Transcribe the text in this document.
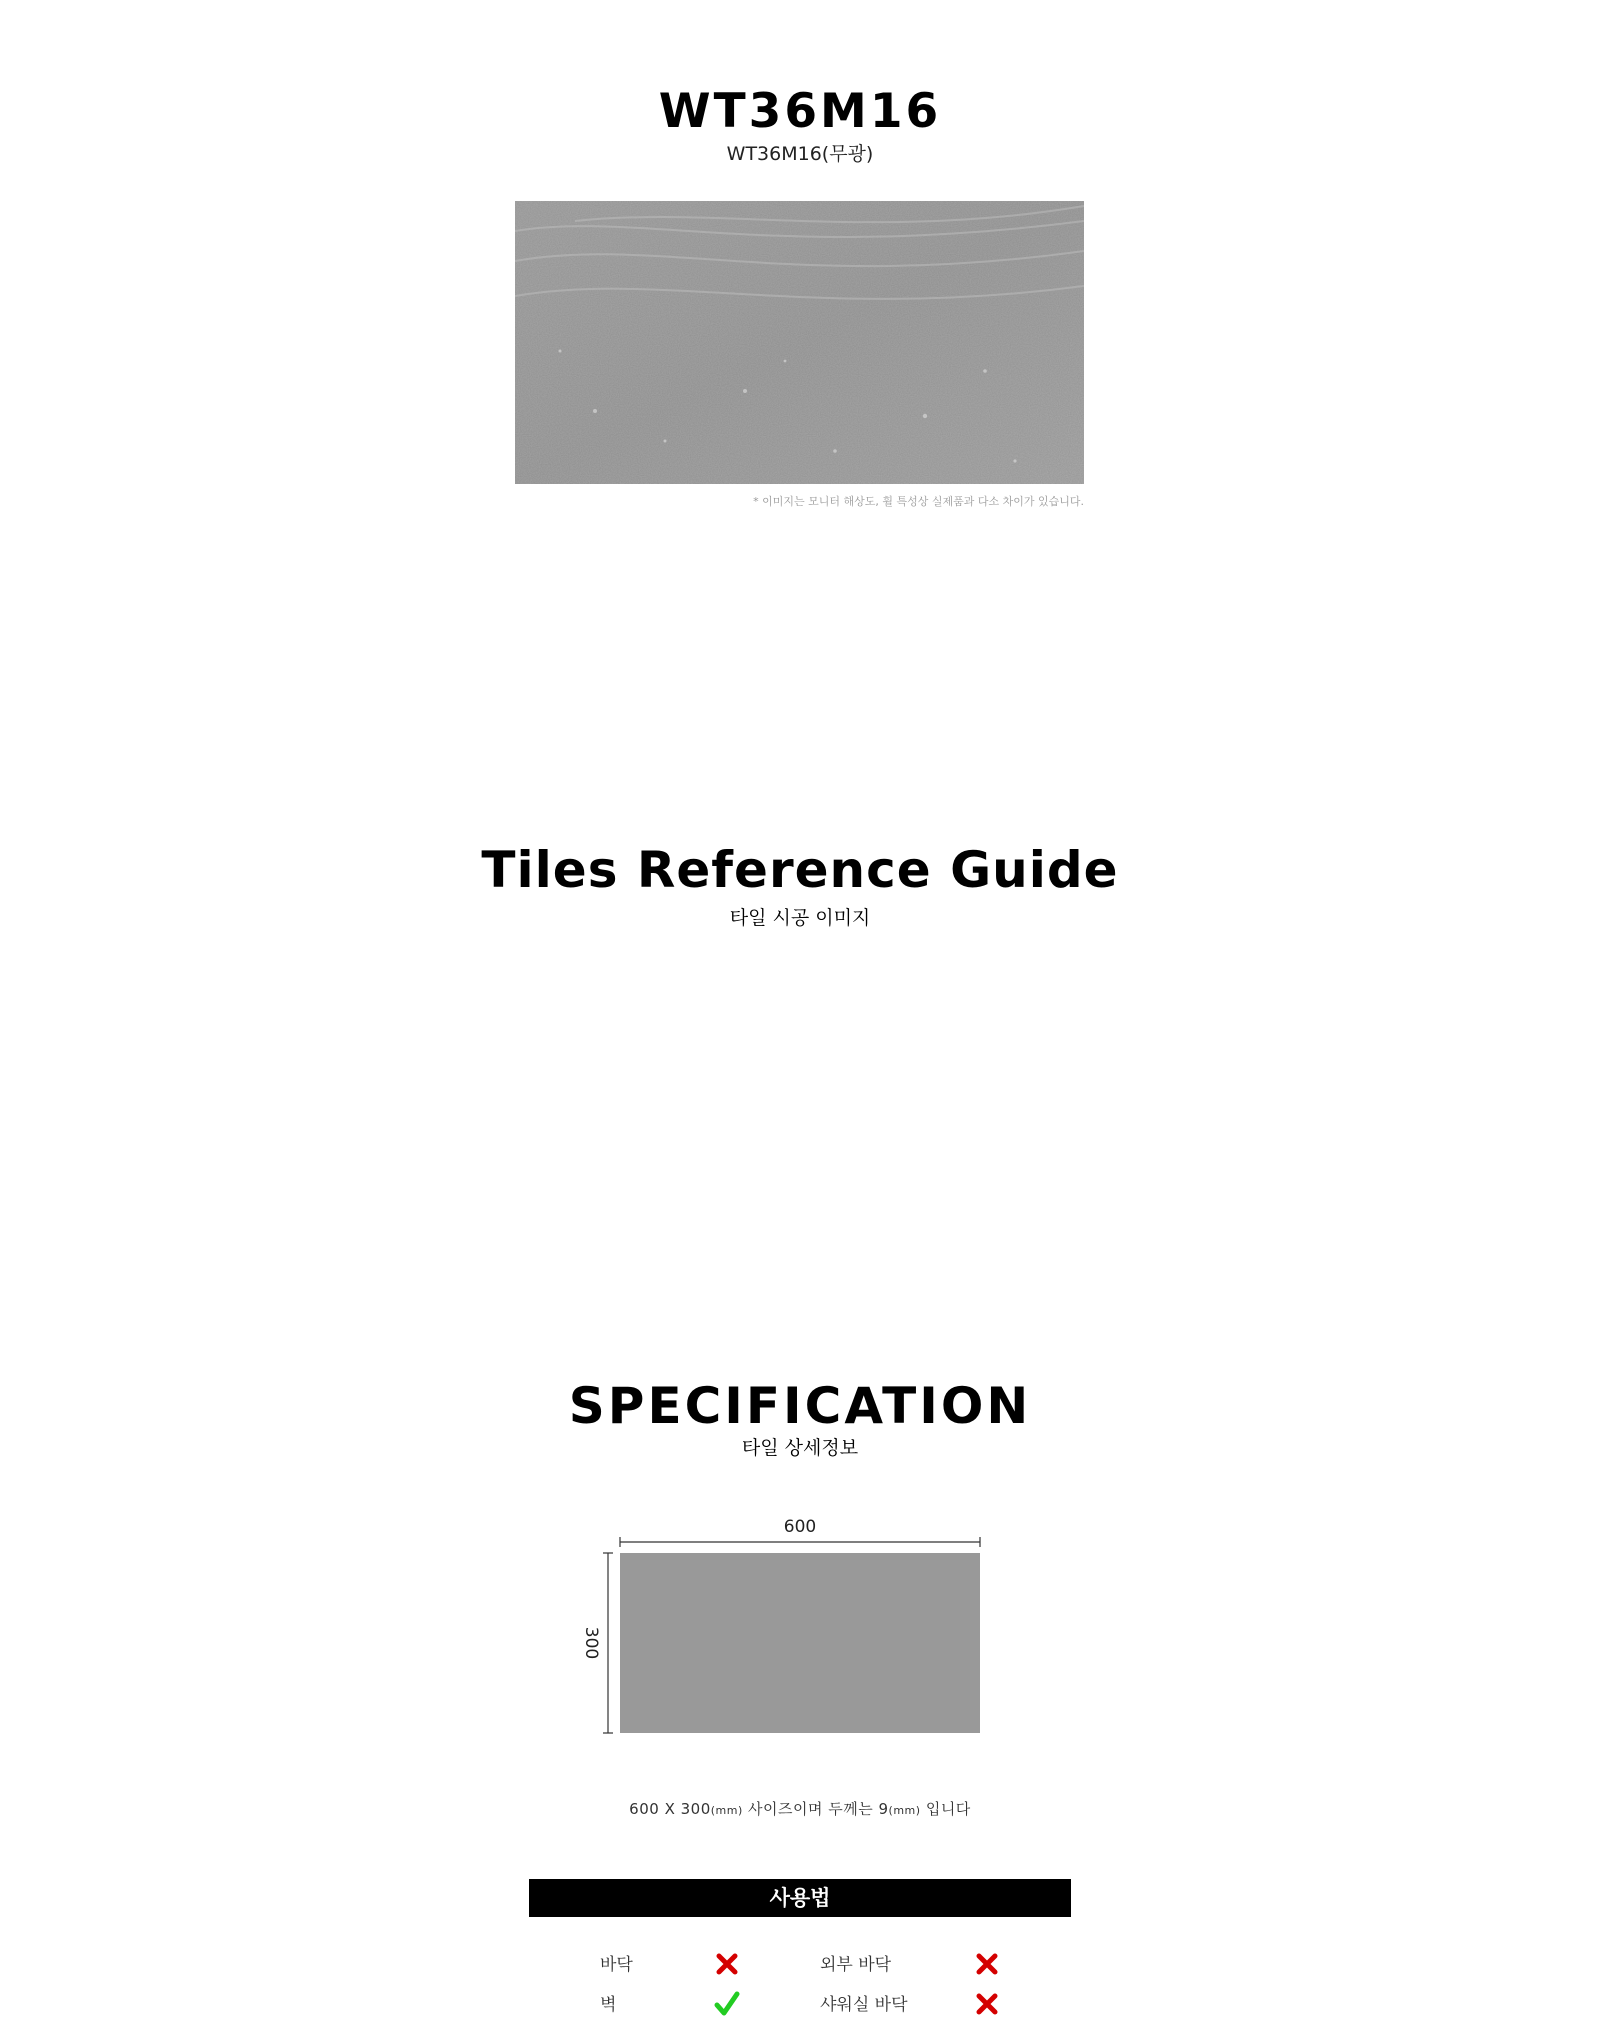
WT36M16
WT36M16(무광)
* 이미지는 모니터 해상도, 휠 특성상 실제품과 다소 차이가 있습니다.
Tiles Reference Guide
타일 시공 이미지
SPECIFICATION
타일 상세정보
600
300
600 X 300(mm) 사이즈이며 두께는 9(mm) 입니다
사용법
바닥	외부 바닥
벽	샤워실 바닥
